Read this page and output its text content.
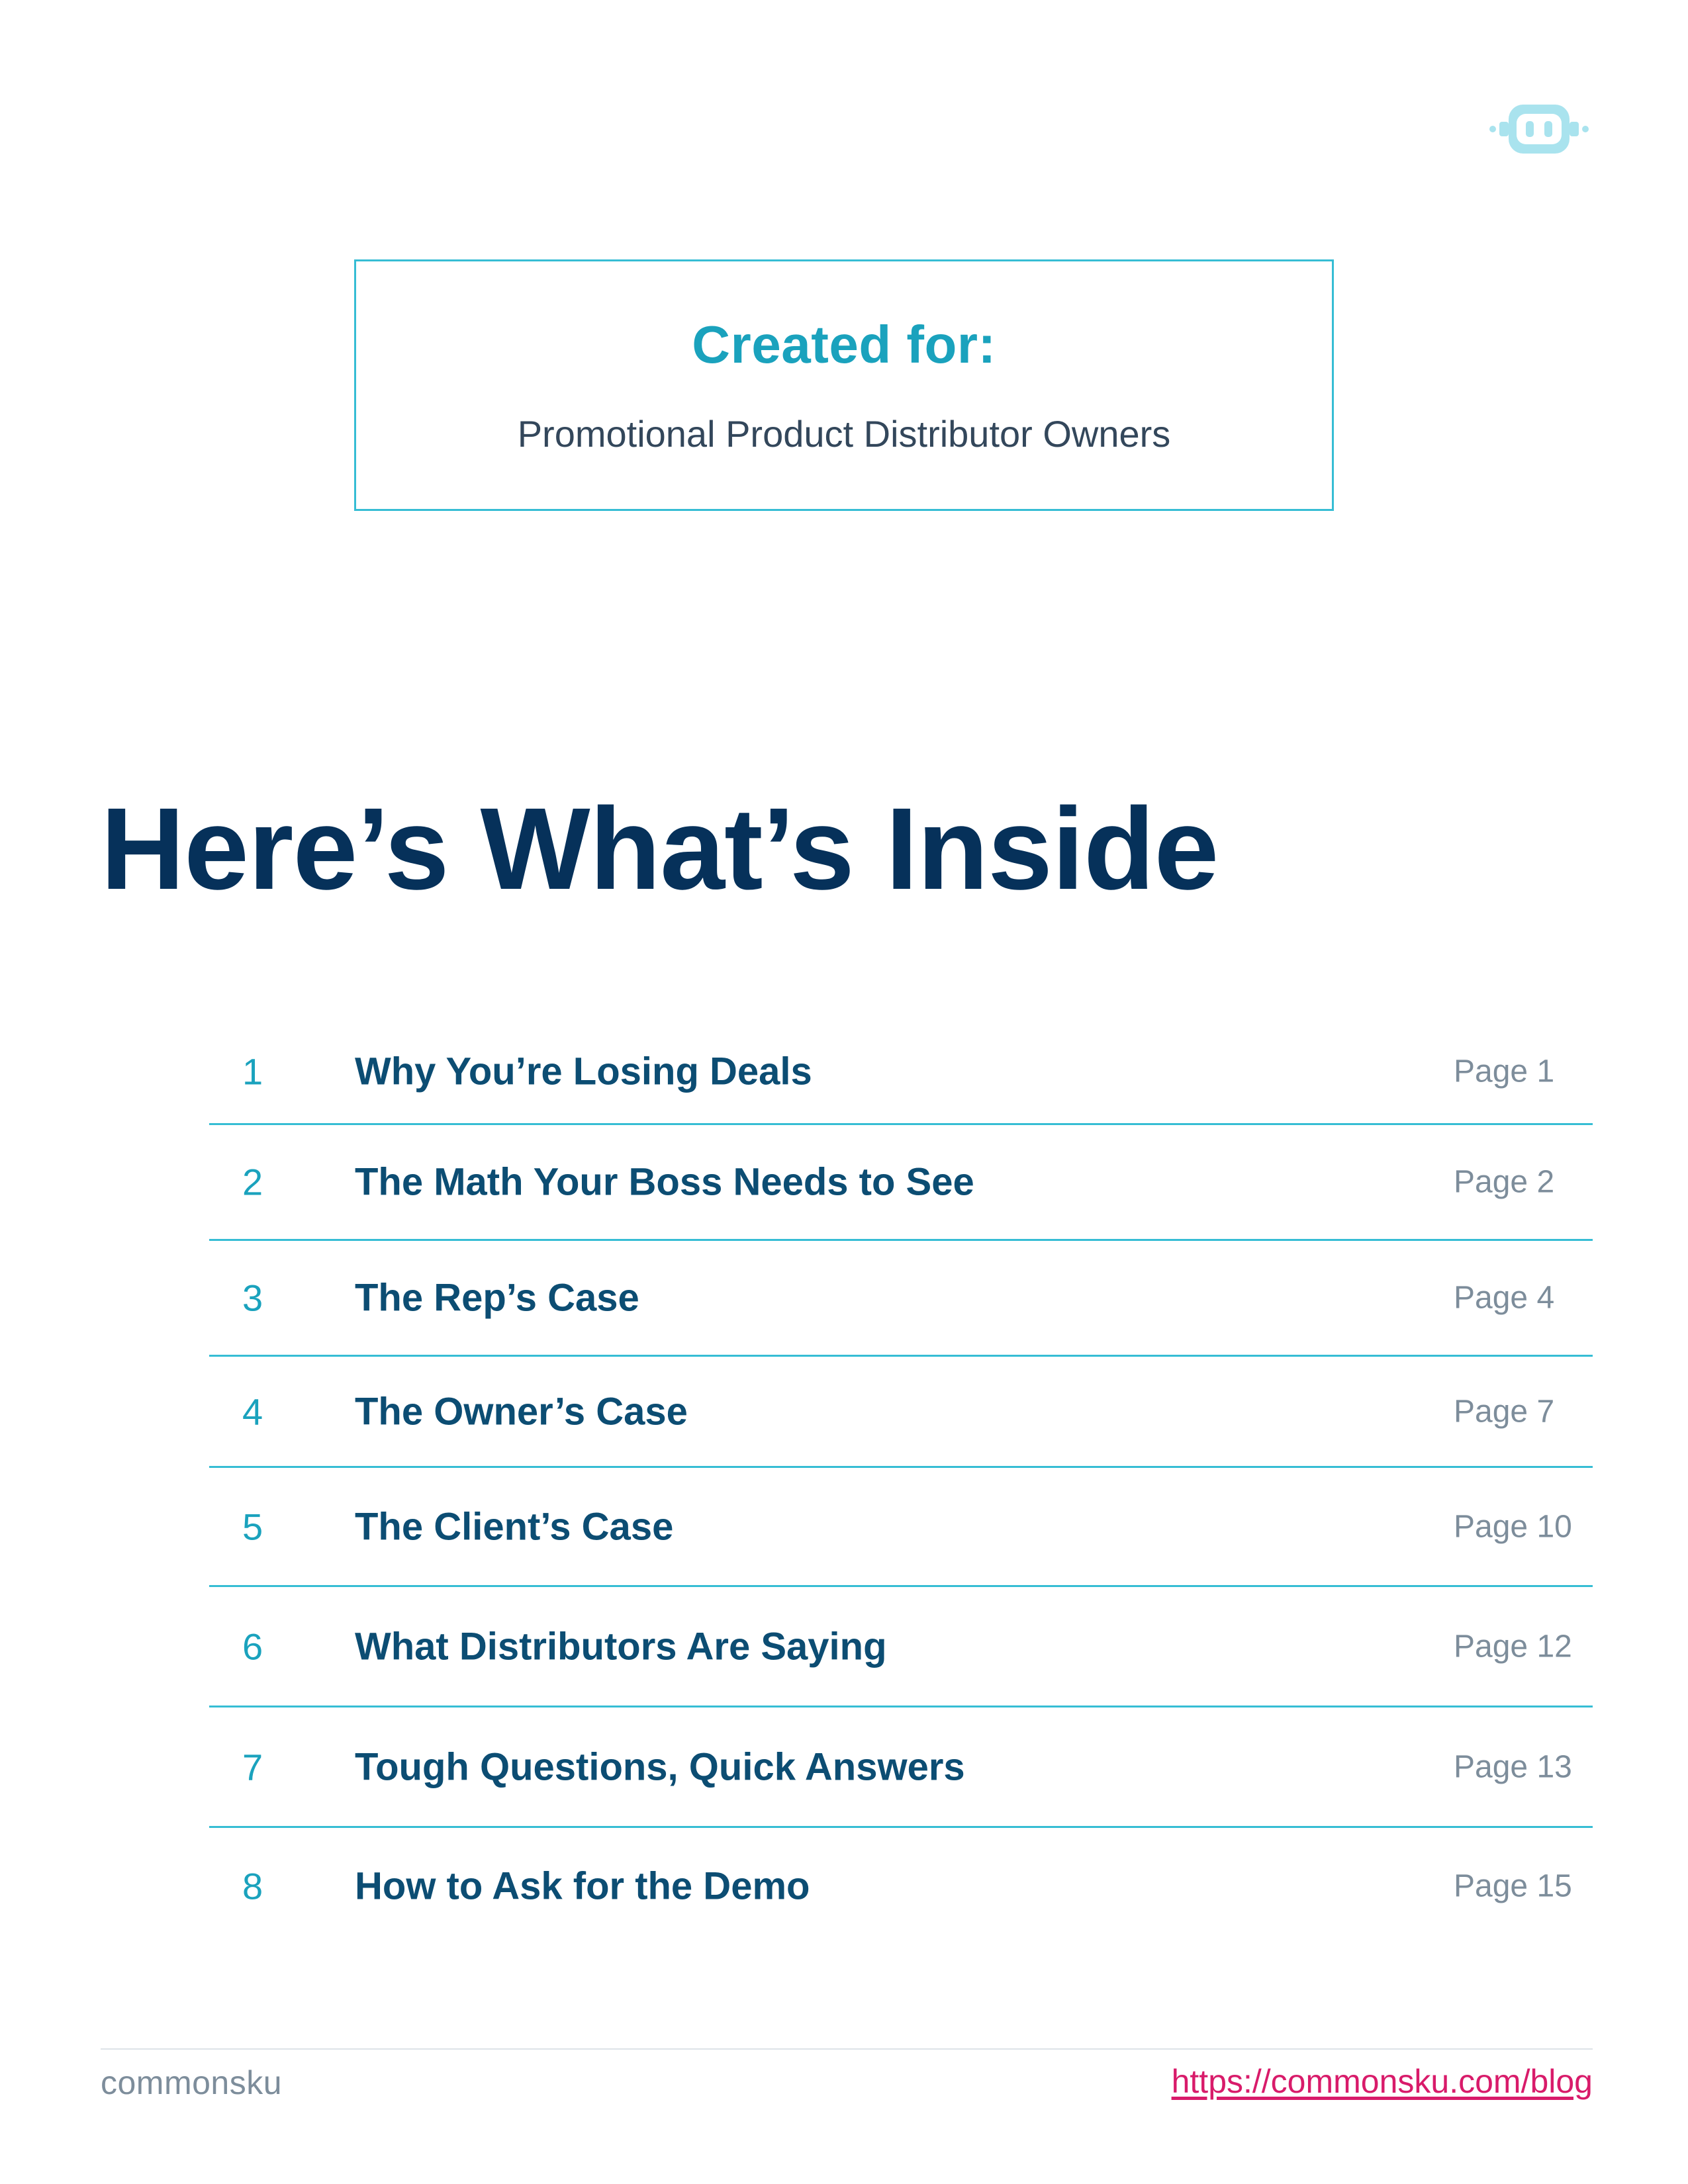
Created for:

Promotional Product Distributor Owners

Here’s What’s Inside
1 Why You’re Losing Deals	Page 1
2 The Math Your Boss Needs to See	Page 2
3 The Rep’s Case	Page 4
4 The Owner’s Case	Page 7
5 The Client’s Case	Page 10
6 What Distributors Are Saying	Page 12
7 Tough Questions, Quick Answers	Page 13
8 How to Ask for the Demo	Page 15
commonsku	https://commonsku.com/blog
